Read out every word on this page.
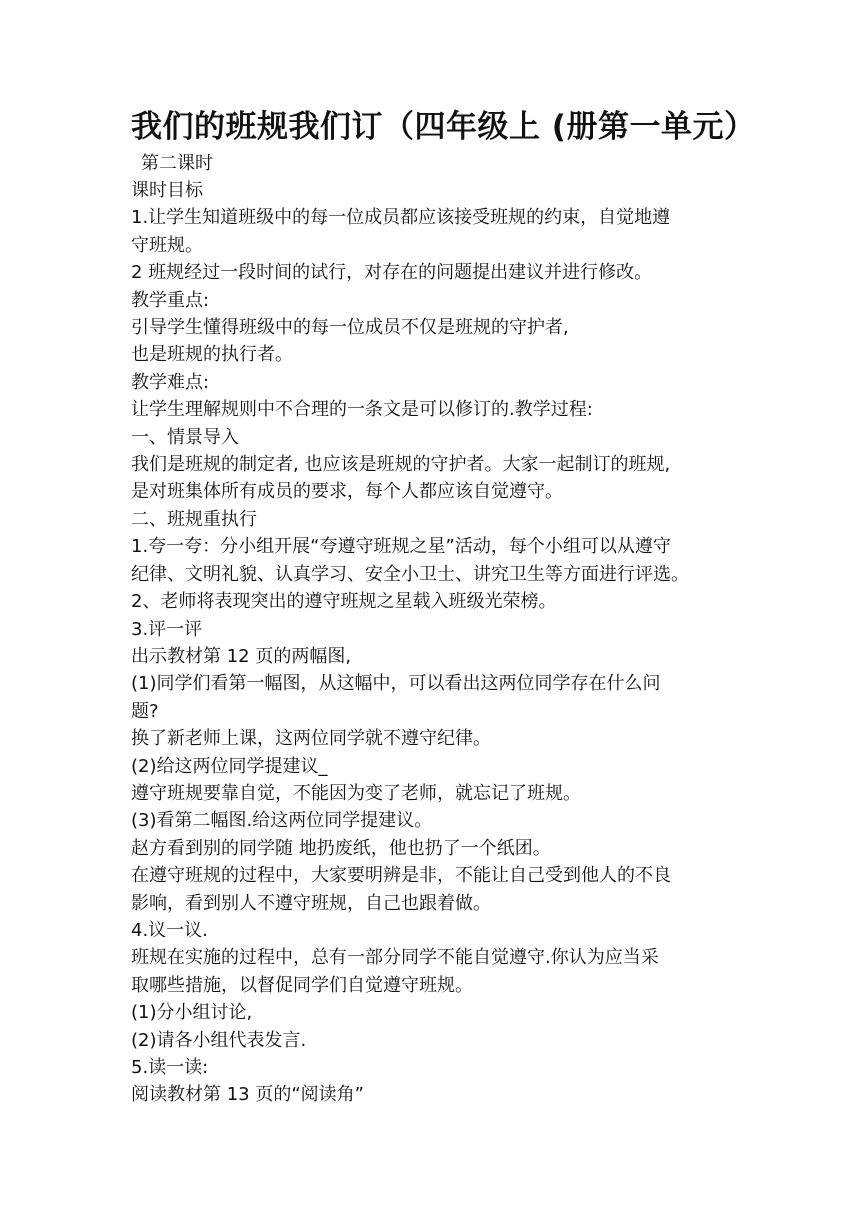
我们的班规我们订（四年级上 (册第一单元）

第二课时

课时目标

1.让学生知道班级中的每一位成员都应该接受班规的约束，自觉地遵

守班规。

2 班规经过一段时间的试行，对存在的问题提出建议并进行修改。

教学重点:

引导学生懂得班级中的每一位成员不仅是班规的守护者,

也是班规的执行者。

教学难点:

让学生理解规则中不合理的一条文是可以修订的.教学过程:

一、情景导入

我们是班规的制定者, 也应该是班规的守护者。大家一起制订的班规,

是对班集体所有成员的要求，每个人都应该自觉遵守。

二、班规重执行

1.夸一夸：分小组开展“夸遵守班规之星”活动，每个小组可以从遵守

纪律、文明礼貌、认真学习、安全小卫士、讲究卫生等方面进行评选。

2、老师将表现突出的遵守班规之星载入班级光荣榜。

3.评一评

出示教材第 12 页的两幅图,

(1)同学们看第一幅图，从这幅中，可以看出这两位同学存在什么问

题?

换了新老师上课，这两位同学就不遵守纪律。

(2)给这两位同学提建议_

遵守班规要靠自觉，不能因为变了老师，就忘记了班规。

(3)看第二幅图.给这两位同学提建议。

赵方看到别的同学随 地扔废纸，他也扔了一个纸团。

在遵守班规的过程中，大家要明辨是非，不能让自己受到他人的不良

影响，看到别人不遵守班规，自己也跟着做。

4.议一议.

班规在实施的过程中，总有一部分同学不能自觉遵守.你认为应当采

取哪些措施，以督促同学们自觉遵守班规。

(1)分小组讨论,

(2)请各小组代表发言.

5.读一读:

阅读教材第 13 页的“阅读角”
